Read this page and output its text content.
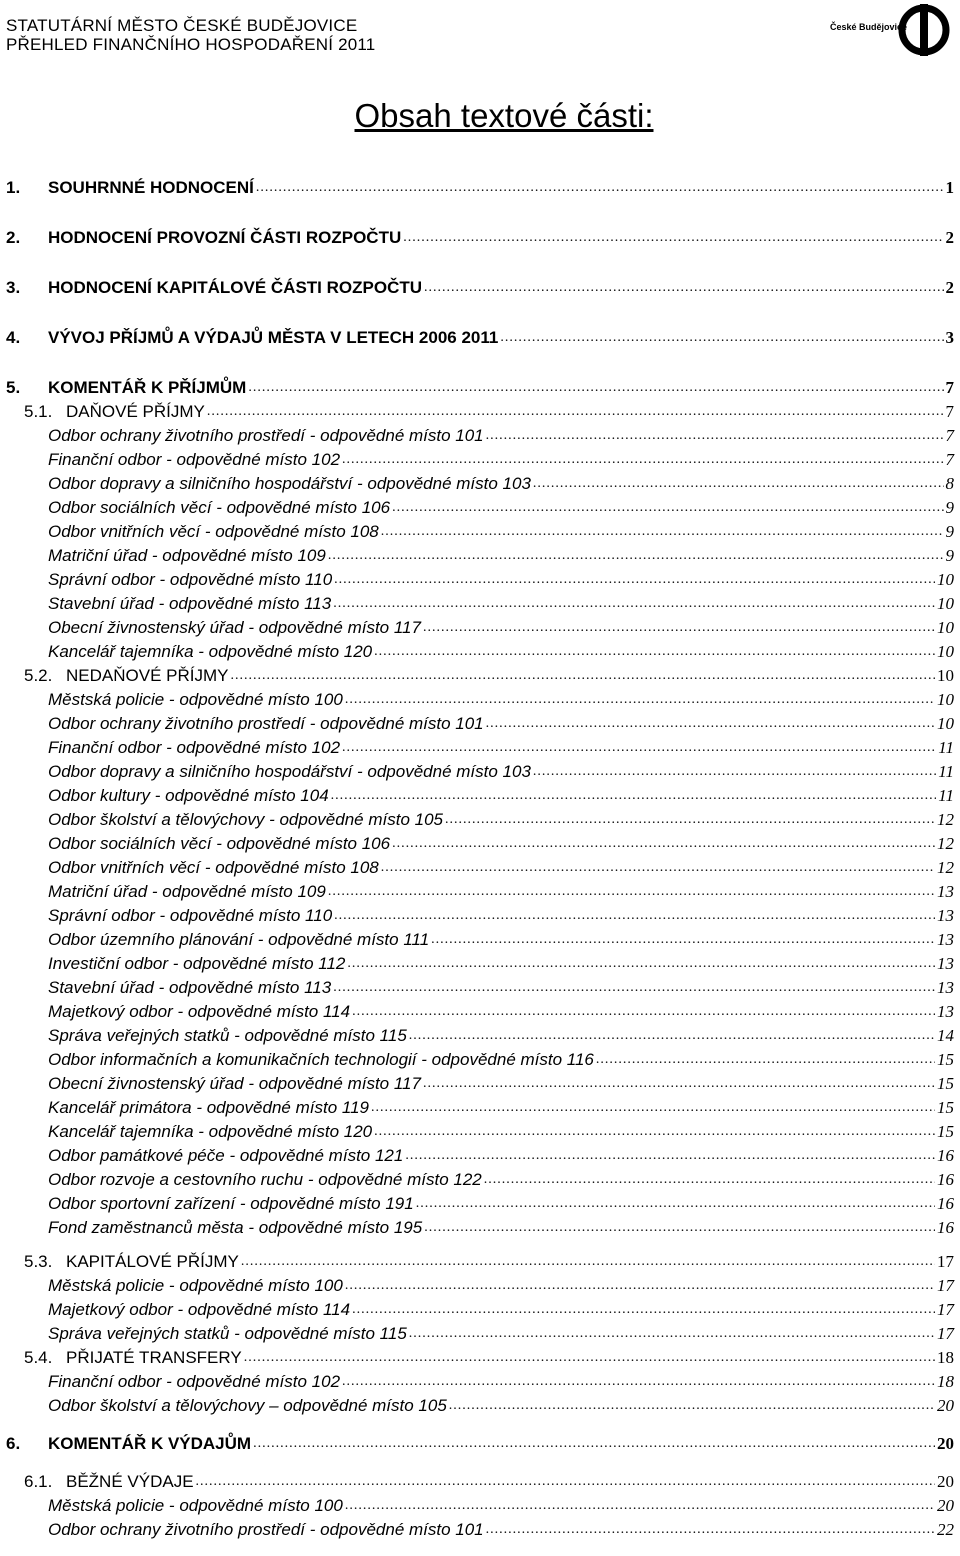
STATUTÁRNÍ MĚSTO ČESKÉ BUDĚJOVICE
PŘEHLED FINANČNÍHO HOSPODAŘENÍ 2011
České Budějovice
Obsah textové části:
1. SOUHRNNÉ HODNOCENÍ .....	1
2. HODNOCENÍ PROVOZNÍ ČÁSTI ROZPOČTU .....	2
3. HODNOCENÍ KAPITÁLOVÉ ČÁSTI ROZPOČTU .....	2
4. VÝVOJ PŘÍJMŮ A VÝDAJŮ MĚSTA V LETECH 2006 2011 .....	3
5. KOMENTÁŘ K PŘÍJMŮM .....	7
5.1. DAŇOVÉ PŘÍJMY .....	7
Odbor ochrany životního prostředí - odpovědné místo 101 .....	7
Finanční odbor - odpovědné místo 102 .....	7
Odbor dopravy a silničního hospodářství - odpovědné místo 103 .....	8
Odbor sociálních věcí - odpovědné místo 106 .....	9
Odbor vnitřních věcí - odpovědné místo 108 .....	9
Matriční úřad - odpovědné místo 109 .....	9
Správní odbor - odpovědné místo 110 .....	10
Stavební úřad - odpovědné místo 113 .....	10
Obecní živnostenský úřad - odpovědné místo 117 .....	10
Kancelář tajemníka - odpovědné místo 120 .....	10
5.2. NEDAŇOVÉ PŘÍJMY .....	10
Městská policie - odpovědné místo 100 .....	10
Odbor ochrany životního prostředí - odpovědné místo 101 .....	10
Finanční odbor - odpovědné místo 102 .....	11
Odbor dopravy a silničního hospodářství - odpovědné místo 103 .....	11
Odbor kultury - odpovědné místo 104 .....	11
Odbor školství a tělovýchovy - odpovědné místo 105 .....	12
Odbor sociálních věcí - odpovědné místo 106 .....	12
Odbor vnitřních věcí - odpovědné místo 108 .....	12
Matriční úřad - odpovědné místo 109 .....	13
Správní odbor - odpovědné místo 110 .....	13
Odbor územního plánování - odpovědné místo 111 .....	13
Investiční odbor - odpovědné místo 112 .....	13
Stavební úřad - odpovědné místo 113 .....	13
Majetkový odbor - odpovědné místo 114 .....	13
Správa veřejných statků - odpovědné místo 115 .....	14
Odbor informačních a komunikačních technologií - odpovědné místo 116 .....	15
Obecní živnostenský úřad - odpovědné místo 117 .....	15
Kancelář primátora - odpovědné místo 119 .....	15
Kancelář tajemníka - odpovědné místo 120 .....	15
Odbor památkové péče - odpovědné místo 121 .....	16
Odbor rozvoje a cestovního ruchu - odpovědné místo 122 .....	16
Odbor sportovní zařízení - odpovědné místo 191 .....	16
Fond zaměstnanců města - odpovědné místo 195 .....	16
5.3. KAPITÁLOVÉ PŘÍJMY .....	17
Městská policie - odpovědné místo 100 .....	17
Majetkový odbor - odpovědné místo 114 .....	17
Správa veřejných statků - odpovědné místo 115 .....	17
5.4. PŘIJATÉ TRANSFERY .....	18
Finanční odbor - odpovědné místo 102 .....	18
Odbor školství a tělovýchovy – odpovědné místo 105 .....	20
6. KOMENTÁŘ K VÝDAJŮM .....	20
6.1. BĚŽNÉ VÝDAJE .....	20
Městská policie - odpovědné místo 100 .....	20
Odbor ochrany životního prostředí - odpovědné místo 101 .....	22
